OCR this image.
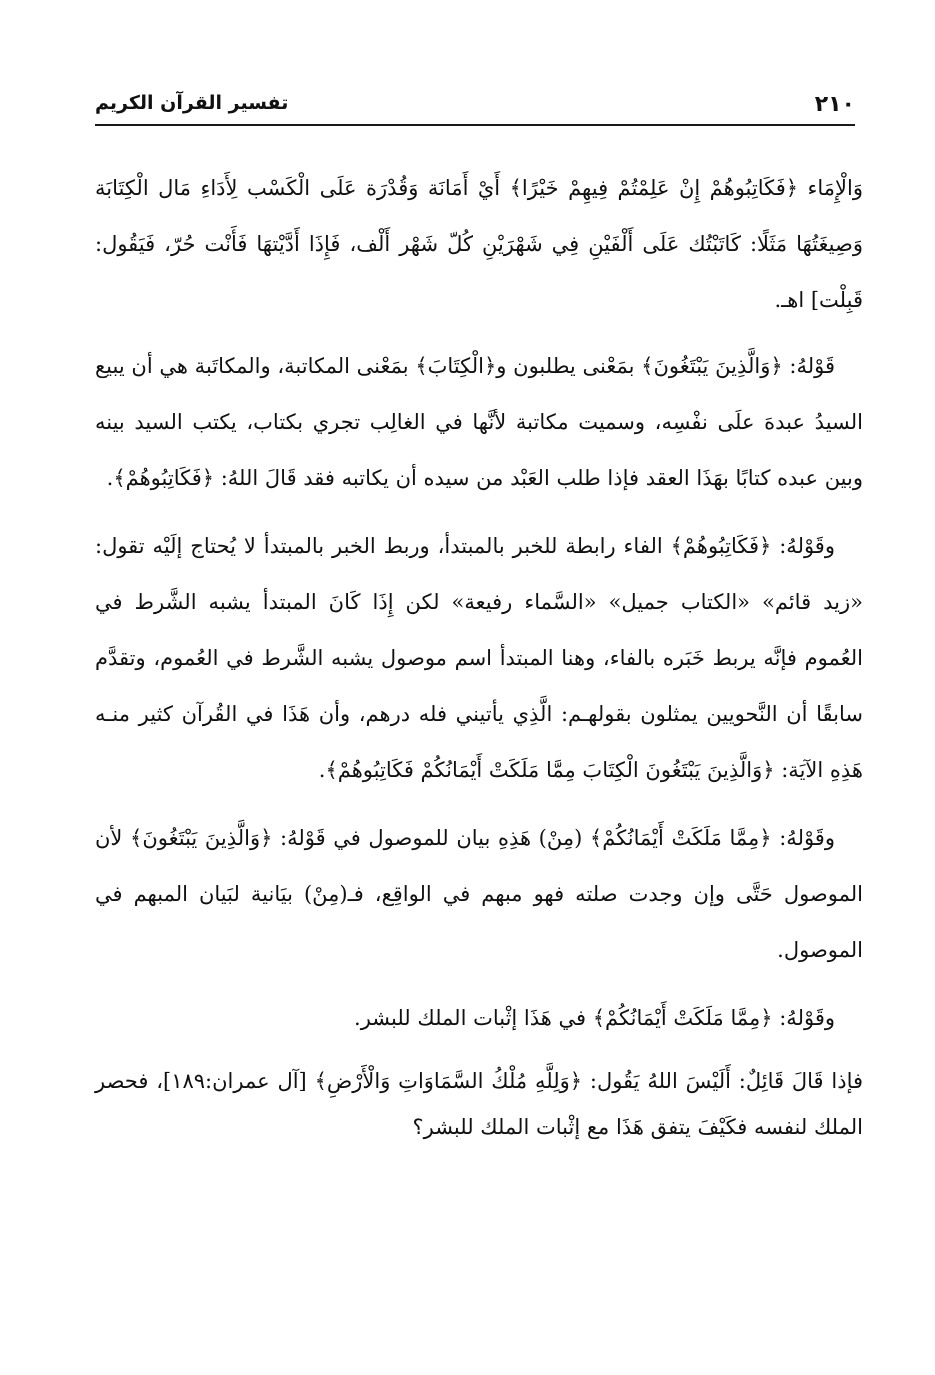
٢١٠
تفسير القرآن الكريم

وَالْإِمَاء ﴿فَكَاتِبُوهُمْ إِنْ عَلِمْتُمْ فِيهِمْ خَيْرًا﴾ أَيْ أَمَانَة وَقُدْرَة عَلَى الْكَسْب لِأَدَاءِ مَال الْكِتَابَة وَصِيغَتُهَا مَثَلًا: كَاتَبْتُك عَلَى أَلْفَيْنِ فِي شَهْرَيْنِ كُلّ شَهْر أَلْف، فَإِذَا أَدَّيْتهَا فَأَنْت حُرّ، فَيَقُول: قَبِلْت] اهـ.

قَوْلهُ: ﴿وَالَّذِينَ يَبْتَغُونَ﴾ بمَعْنى يطلبون و﴿الْكِتَابَ﴾ بمَعْنى المكاتبة، والمكاتَبة هي أن يبيع السيدُ عبدهَ علَى نفْسِه، وسميت مكاتبة لأنَّها في الغالِب تجري بكتاب، يكتب السيد بينه وبين عبده كتابًا بهَذَا العقد فإذا طلب العَبْد من سيده أن يكاتبه فقد قَالَ اللهُ: ﴿فَكَاتِبُوهُمْ﴾.

وقَوْلهُ: ﴿فَكَاتِبُوهُمْ﴾ الفاء رابطة للخبر بالمبتدأ، وربط الخبر بالمبتدأ لا يُحتاج إلَيْه تقول: «زيد قائم» «الكتاب جميل» «السَّماء رفيعة» لكن إِذَا كَانَ المبتدأ يشبه الشَّرط في العُموم فإنَّه يربط خَبَره بالفاء، وهنا المبتدأ اسم موصول يشبه الشَّرط في العُموم، وتقدَّم سابقًا أن النَّحويين يمثلون بقولهـم: الَّذِي يأتيني فله درهم، وأن هَذَا في القُرآن كثير منـه هَذِهِ الآيَة: ﴿وَالَّذِينَ يَبْتَغُونَ الْكِتَابَ مِمَّا مَلَكَتْ أَيْمَانُكُمْ فَكَاتِبُوهُمْ﴾.

وقَوْلهُ: ﴿مِمَّا مَلَكَتْ أَيْمَانُكُمْ﴾ (مِنْ) هَذِهِ بيان للموصول في قَوْلهُ: ﴿وَالَّذِينَ يَبْتَغُونَ﴾ لأن الموصول حَتَّى وإن وجدت صلته فهو مبهم في الواقِع، فـ(مِنْ) بيَانية لبَيان المبهم في الموصول.

وقَوْلهُ: ﴿مِمَّا مَلَكَتْ أَيْمَانُكُمْ﴾ في هَذَا إثْبات الملك للبشر.

فإذا قَالَ قَائِلٌ: أَلَيْسَ اللهُ يَقُول: ﴿وَلِلَّهِ مُلْكُ السَّمَاوَاتِ وَالْأَرْضِ﴾ [آل عمران:١٨٩]، فحصر الملك لنفسه فكَيْفَ يتفق هَذَا مع إثْبات الملك للبشر؟
